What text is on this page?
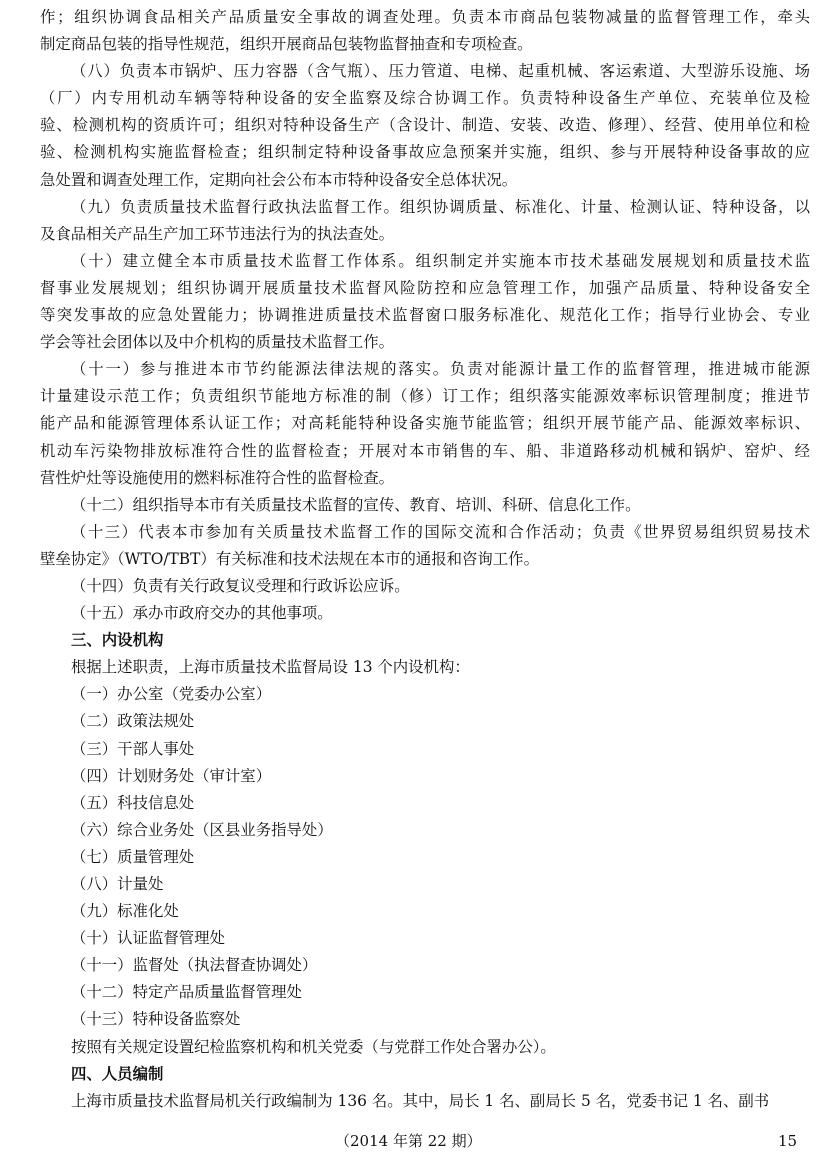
作；组织协调食品相关产品质量安全事故的调查处理。负责本市商品包装物减量的监督管理工作，牵头
制定商品包装的指导性规范，组织开展商品包装物监督抽查和专项检查。
（八）负责本市锅炉、压力容器（含气瓶）、压力管道、电梯、起重机械、客运索道、大型游乐设施、场
（厂）内专用机动车辆等特种设备的安全监察及综合协调工作。负责特种设备生产单位、充装单位及检
验、检测机构的资质许可；组织对特种设备生产（含设计、制造、安装、改造、修理）、经营、使用单位和检
验、检测机构实施监督检查；组织制定特种设备事故应急预案并实施，组织、参与开展特种设备事故的应
急处置和调查处理工作，定期向社会公布本市特种设备安全总体状况。
（九）负责质量技术监督行政执法监督工作。组织协调质量、标准化、计量、检测认证、特种设备，以
及食品相关产品生产加工环节违法行为的执法查处。
（十）建立健全本市质量技术监督工作体系。组织制定并实施本市技术基础发展规划和质量技术监
督事业发展规划；组织协调开展质量技术监督风险防控和应急管理工作，加强产品质量、特种设备安全
等突发事故的应急处置能力；协调推进质量技术监督窗口服务标准化、规范化工作；指导行业协会、专业
学会等社会团体以及中介机构的质量技术监督工作。
（十一）参与推进本市节约能源法律法规的落实。负责对能源计量工作的监督管理，推进城市能源
计量建设示范工作；负责组织节能地方标准的制（修）订工作；组织落实能源效率标识管理制度；推进节
能产品和能源管理体系认证工作；对高耗能特种设备实施节能监管；组织开展节能产品、能源效率标识、
机动车污染物排放标准符合性的监督检查；开展对本市销售的车、船、非道路移动机械和锅炉、窑炉、经
营性炉灶等设施使用的燃料标准符合性的监督检查。
（十二）组织指导本市有关质量技术监督的宣传、教育、培训、科研、信息化工作。
（十三）代表本市参加有关质量技术监督工作的国际交流和合作活动；负责《世界贸易组织贸易技术
壁垒协定》（WTO/TBT）有关标准和技术法规在本市的通报和咨询工作。
（十四）负责有关行政复议受理和行政诉讼应诉。
（十五）承办市政府交办的其他事项。
三、内设机构
根据上述职责，上海市质量技术监督局设 13 个内设机构：
（一）办公室（党委办公室）
（二）政策法规处
（三）干部人事处
（四）计划财务处（审计室）
（五）科技信息处
（六）综合业务处（区县业务指导处）
（七）质量管理处
（八）计量处
（九）标准化处
（十）认证监督管理处
（十一）监督处（执法督查协调处）
（十二）特定产品质量监督管理处
（十三）特种设备监察处
按照有关规定设置纪检监察机构和机关党委（与党群工作处合署办公）。
四、人员编制
上海市质量技术监督局机关行政编制为 136 名。其中，局长 1 名、副局长 5 名，党委书记 1 名、副书
（2014 年第 22 期）	15
